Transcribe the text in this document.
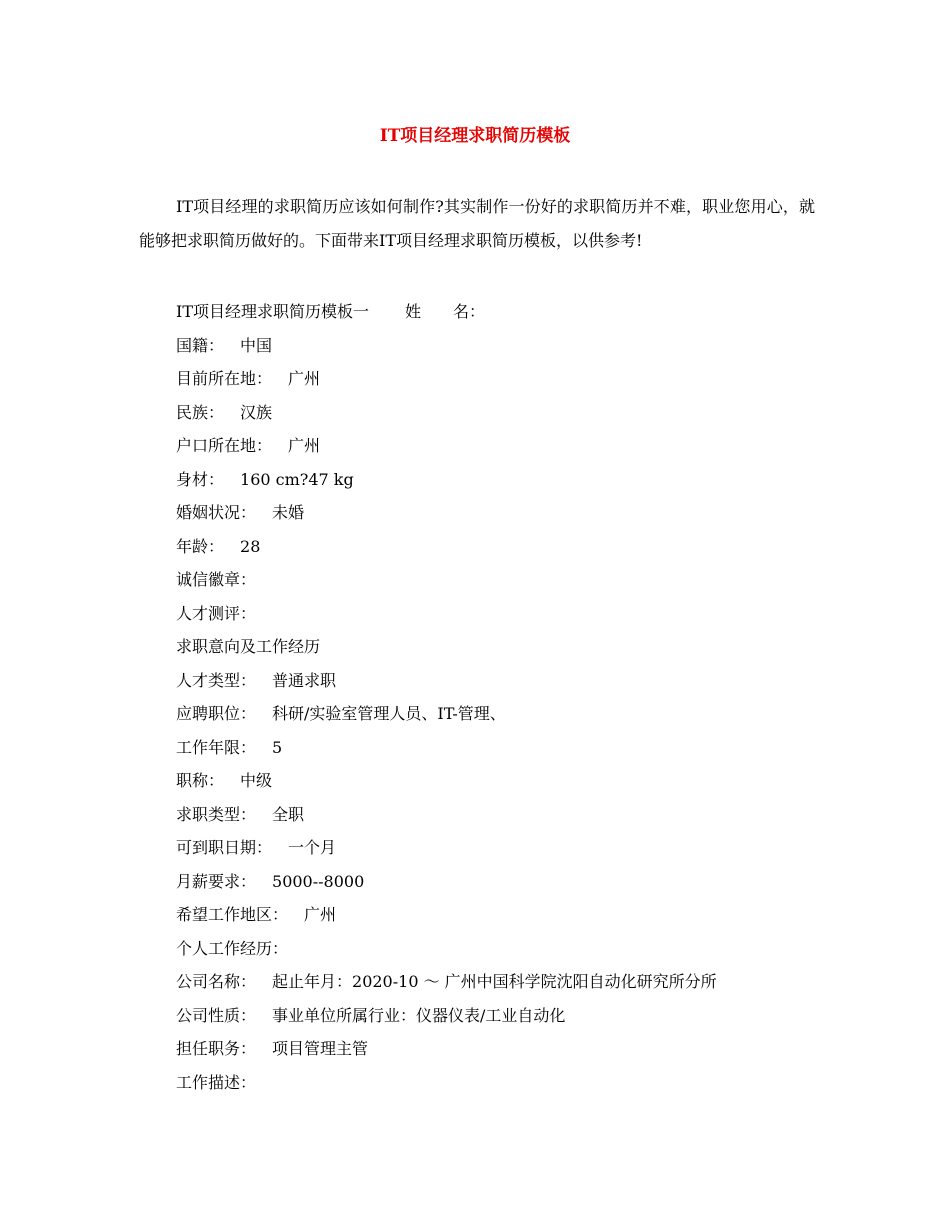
IT项目经理求职简历模板

IT项目经理的求职简历应该如何制作?其实制作一份好的求职简历并不难，职业您用心，就能够把求职简历做好的。下面带来IT项目经理求职简历模板，以供参考!

IT项目经理求职简历模板一 姓 名：
国籍： 中国
目前所在地： 广州
民族： 汉族
户口所在地： 广州
身材： 160 cm?47 kg
婚姻状况： 未婚
年龄： 28
诚信徽章：
人才测评：
求职意向及工作经历
人才类型： 普通求职
应聘职位： 科研/实验室管理人员、IT-管理、
工作年限： 5
职称： 中级
求职类型： 全职
可到职日期： 一个月
月薪要求： 5000--8000
希望工作地区： 广州
个人工作经历：
公司名称： 起止年月：2020-10 ～ 广州中国科学院沈阳自动化研究所分所
公司性质： 事业单位所属行业：仪器仪表/工业自动化
担任职务： 项目管理主管
工作描述：
